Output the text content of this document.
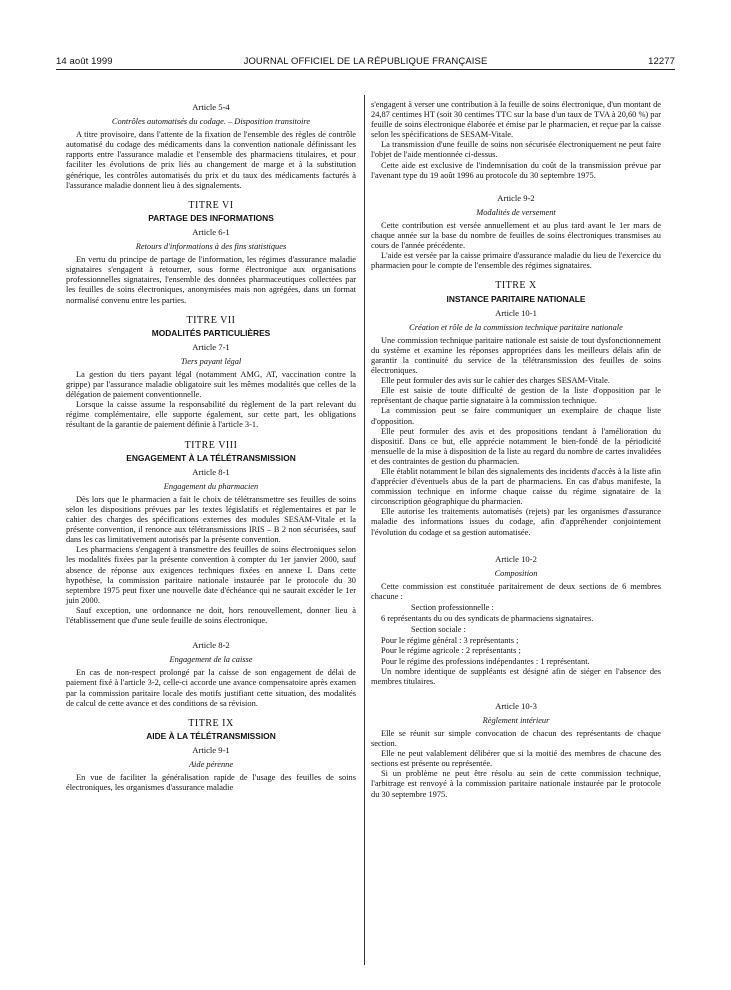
14 août 1999	JOURNAL OFFICIEL DE LA RÉPUBLIQUE FRANÇAISE	12277
Article 5-4
Contrôles automatisés du codage. – Disposition transitoire

A titre provisoire, dans l'attente de la fixation de l'ensemble des règles de contrôle automatisé du codage des médicaments dans la convention nationale définissant les rapports entre l'assurance maladie et l'ensemble des pharmaciens titulaires, et pour faciliter les évolutions de prix liés au changement de marge et à la substitution générique, les contrôles automatisés du prix et du taux des médicaments facturés à l'assurance maladie donnent lieu à des signalements.

TITRE VI
PARTAGE DES INFORMATIONS
Article 6-1
Retours d'informations à des fins statistiques

En vertu du principe de partage de l'information, les régimes d'assurance maladie signataires s'engagent à retourner, sous forme électronique aux organisations professionnelles signataires, l'ensemble des données pharmaceutiques collectées par les feuilles de soins électroniques, anonymisées mais non agrégées, dans un format normalisé convenu entre les parties.

TITRE VII
MODALITÉS PARTICULIÈRES
Article 7-1
Tiers payant légal

La gestion du tiers payant légal (notamment AMG, AT, vaccination contre la grippe) par l'assurance maladie obligatoire suit les mêmes modalités que celles de la délégation de paiement conventionnelle.

Lorsque la caisse assume la responsabilité du règlement de la part relevant du régime complémentaire, elle supporte également, sur cette part, les obligations résultant de la garantie de paiement définie à l'article 3-1.

TITRE VIII
ENGAGEMENT À LA TÉLÉTRANSMISSION
Article 8-1
Engagement du pharmacien

Dès lors que le pharmacien a fait le choix de télétransmettre ses feuilles de soins selon les dispositions prévues par les textes législatifs et réglementaires et par le cahier des charges des spécifications externes des modules SESAM-Vitale et la présente convention, il renonce aux télétransmissions IRIS – B 2 non sécurisées, sauf dans les cas limitativement autorisés par la présente convention.

Les pharmaciens s'engagent à transmettre des feuilles de soins électroniques selon les modalités fixées par la présente convention à compter du 1er janvier 2000, sauf absence de réponse aux exigences techniques fixées en annexe I. Dans cette hypothèse, la commission paritaire nationale instaurée par le protocole du 30 septembre 1975 peut fixer une nouvelle date d'échéance qui ne saurait excéder le 1er juin 2000.

Sauf exception, une ordonnance ne doit, hors renouvellement, donner lieu à l'établissement que d'une seule feuille de soins électronique.

Article 8-2
Engagement de la caisse

En cas de non-respect prolongé par la caisse de son engagement de délai de paiement fixé à l'article 3-2, celle-ci accorde une avance compensatoire après examen par la commission paritaire locale des motifs justifiant cette situation, des modalités de calcul de cette avance et des conditions de sa révision.

TITRE IX
AIDE À LA TÉLÉTRANSMISSION
Article 9-1
Aide pérenne

En vue de faciliter la généralisation rapide de l'usage des feuilles de soins électroniques, les organismes d'assurance maladie

s'engagent à verser une contribution à la feuille de soins électronique, d'un montant de 24,87 centimes HT (soit 30 centimes TTC sur la base d'un taux de TVA à 20,60 %) par feuille de soins électronique élaborée et émise par le pharmacien, et reçue par la caisse selon les spécifications de SESAM-Vitale.

La transmission d'une feuille de soins non sécurisée électroniquement ne peut faire l'objet de l'aide mentionnée ci-dessus.

Cette aide est exclusive de l'indemnisation du coût de la transmission prévue par l'avenant type du 19 août 1996 au protocole du 30 septembre 1975.

Article 9-2
Modalités de versement

Cette contribution est versée annuellement et au plus tard avant le 1er mars de chaque année sur la base du nombre de feuilles de soins électroniques transmises au cours de l'année précédente.

L'aide est versée par la caisse primaire d'assurance maladie du lieu de l'exercice du pharmacien pour le compte de l'ensemble des régimes signataires.

TITRE X
INSTANCE PARITAIRE NATIONALE
Article 10-1
Création et rôle de la commission technique paritaire nationale

Une commission technique paritaire nationale est saisie de tout dysfonctionnement du système et examine les réponses appropriées dans les meilleurs délais afin de garantir la continuité du service de la télétransmission des feuilles de soins électroniques.

Elle peut formuler des avis sur le cahier des charges SESAM-Vitale.

Elle est saisie de toute difficulté de gestion de la liste d'opposition par le représentant de chaque partie signataire à la commission technique.

La commission peut se faire communiquer un exemplaire de chaque liste d'opposition.

Elle peut formuler des avis et des propositions tendant à l'amélioration du dispositif. Dans ce but, elle apprécie notamment le bien-fondé de la périodicité mensuelle de la mise à disposition de la liste au regard du nombre de cartes invalidées et des contraintes de gestion du pharmacien.

Elle établit notamment le bilan des signalements des incidents d'accès à la liste afin d'apprécier d'éventuels abus de la part de pharmaciens. En cas d'abus manifeste, la commission technique en informe chaque caisse du régime signataire de la circonscription géographique du pharmacien.

Elle autorise les traitements automatisés (rejets) par les organismes d'assurance maladie des informations issues du codage, afin d'appréhender conjointement l'évolution du codage et sa gestion automatisée.

Article 10-2
Composition

Cette commission est constituée paritairement de deux sections de 6 membres chacune :

Section professionnelle :
6 représentants du ou des syndicats de pharmaciens signataires.
Section sociale :
Pour le régime général : 3 représentants ;
Pour le régime agricole : 2 représentants ;
Pour le régime des professions indépendantes : 1 représentant.

Un nombre identique de suppléants est désigné afin de siéger en l'absence des membres titulaires.

Article 10-3
Règlement intérieur

Elle se réunit sur simple convocation de chacun des représentants de chaque section.

Elle ne peut valablement délibérer que si la moitié des membres de chacune des sections est présente ou représentée.

Si un problème ne peut être résolu au sein de cette commission technique, l'arbitrage est renvoyé à la commission paritaire nationale instaurée par le protocole du 30 septembre 1975.
